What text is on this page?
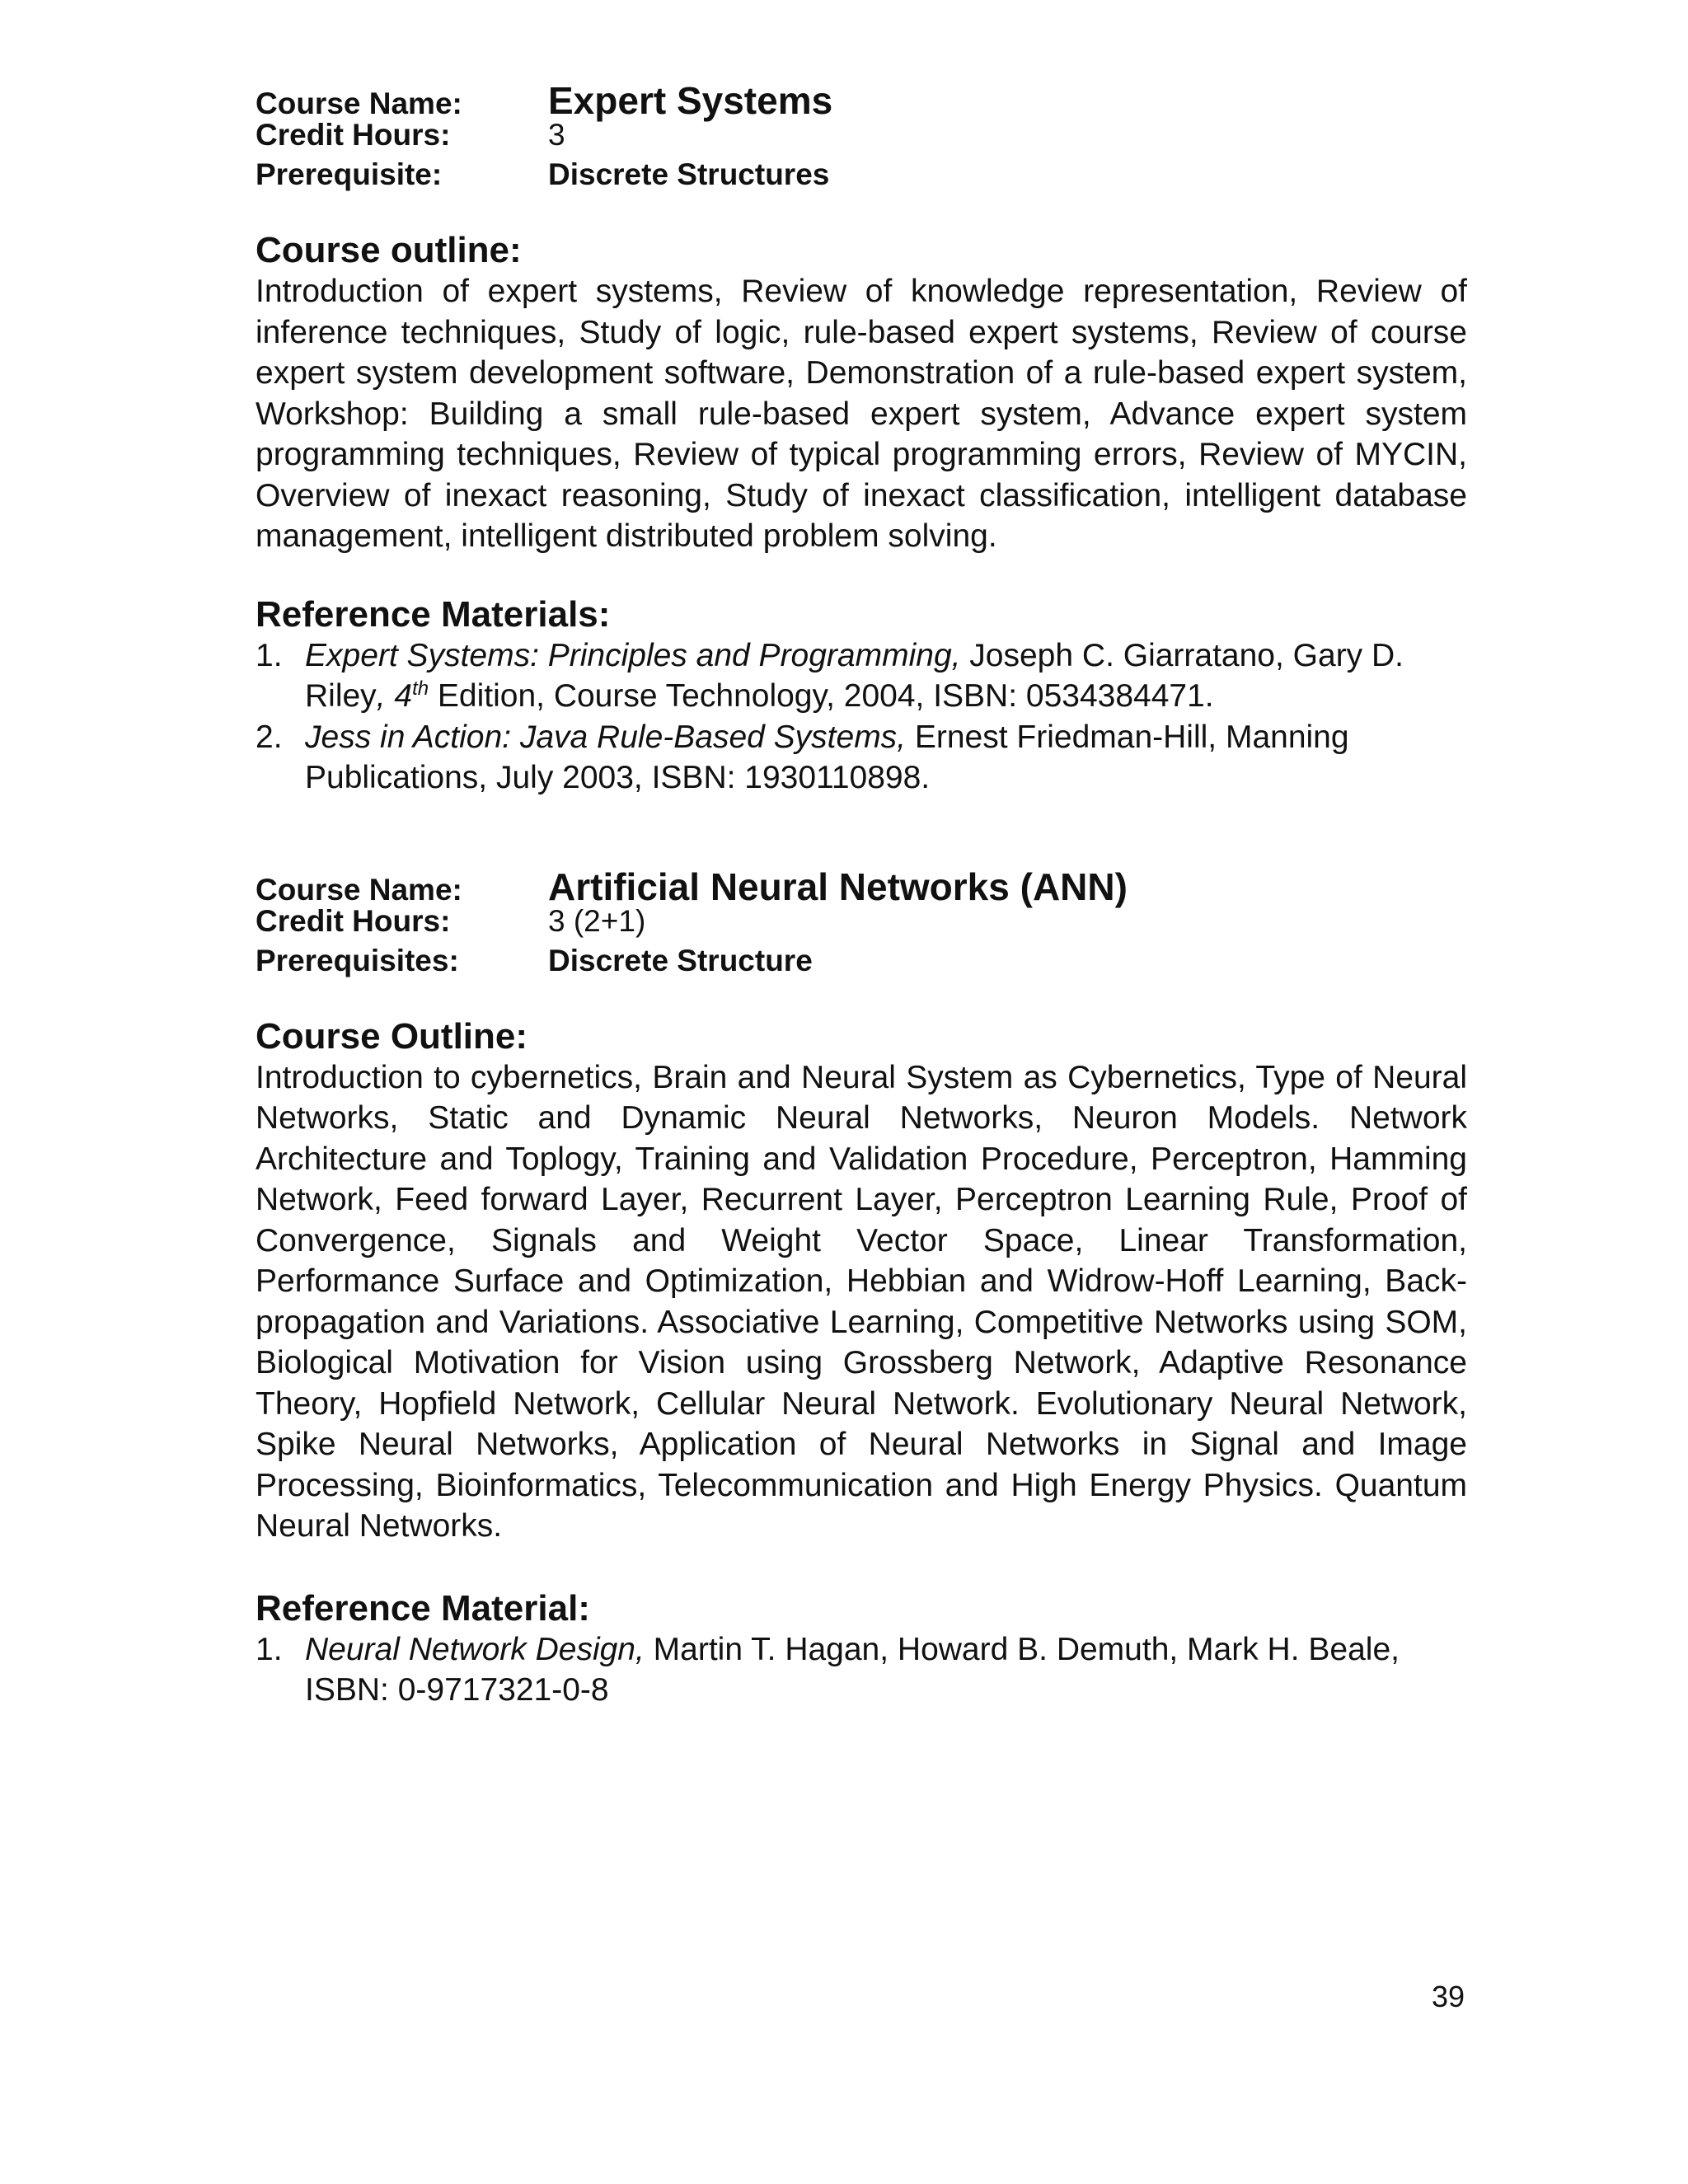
Course Name:	Expert Systems
Credit Hours:	3
Prerequisite:	Discrete Structures
Course outline:

Introduction of expert systems, Review of knowledge representation, Review of inference techniques, Study of logic, rule-based expert systems, Review of course expert system development software, Demonstration of a rule-based expert system, Workshop: Building a small rule-based expert system, Advance expert system programming techniques, Review of typical programming errors, Review of MYCIN, Overview of inexact reasoning, Study of inexact classification, intelligent database management, intelligent distributed problem solving.

Reference Materials:
1. Expert Systems: Principles and Programming, Joseph C. Giarratano, Gary D. Riley, 4th Edition, Course Technology, 2004, ISBN: 0534384471.
2. Jess in Action: Java Rule-Based Systems, Ernest Friedman-Hill, Manning Publications, July 2003, ISBN: 1930110898.
Course Name:	Artificial Neural Networks (ANN)
Credit Hours:	3 (2+1)
Prerequisites:	Discrete Structure
Course Outline:

Introduction to cybernetics, Brain and Neural System as Cybernetics, Type of Neural Networks, Static and Dynamic Neural Networks, Neuron Models. Network Architecture and Toplogy, Training and Validation Procedure, Perceptron, Hamming Network, Feed forward Layer, Recurrent Layer, Perceptron Learning Rule, Proof of Convergence, Signals and Weight Vector Space, Linear Transformation, Performance Surface and Optimization, Hebbian and Widrow-Hoff Learning, Back-propagation and Variations. Associative Learning, Competitive Networks using SOM, Biological Motivation for Vision using Grossberg Network, Adaptive Resonance Theory, Hopfield Network, Cellular Neural Network. Evolutionary Neural Network, Spike Neural Networks, Application of Neural Networks in Signal and Image Processing, Bioinformatics, Telecommunication and High Energy Physics. Quantum Neural Networks.

Reference Material:
1. Neural Network Design, Martin T. Hagan, Howard B. Demuth, Mark H. Beale, ISBN: 0-9717321-0-8
39
